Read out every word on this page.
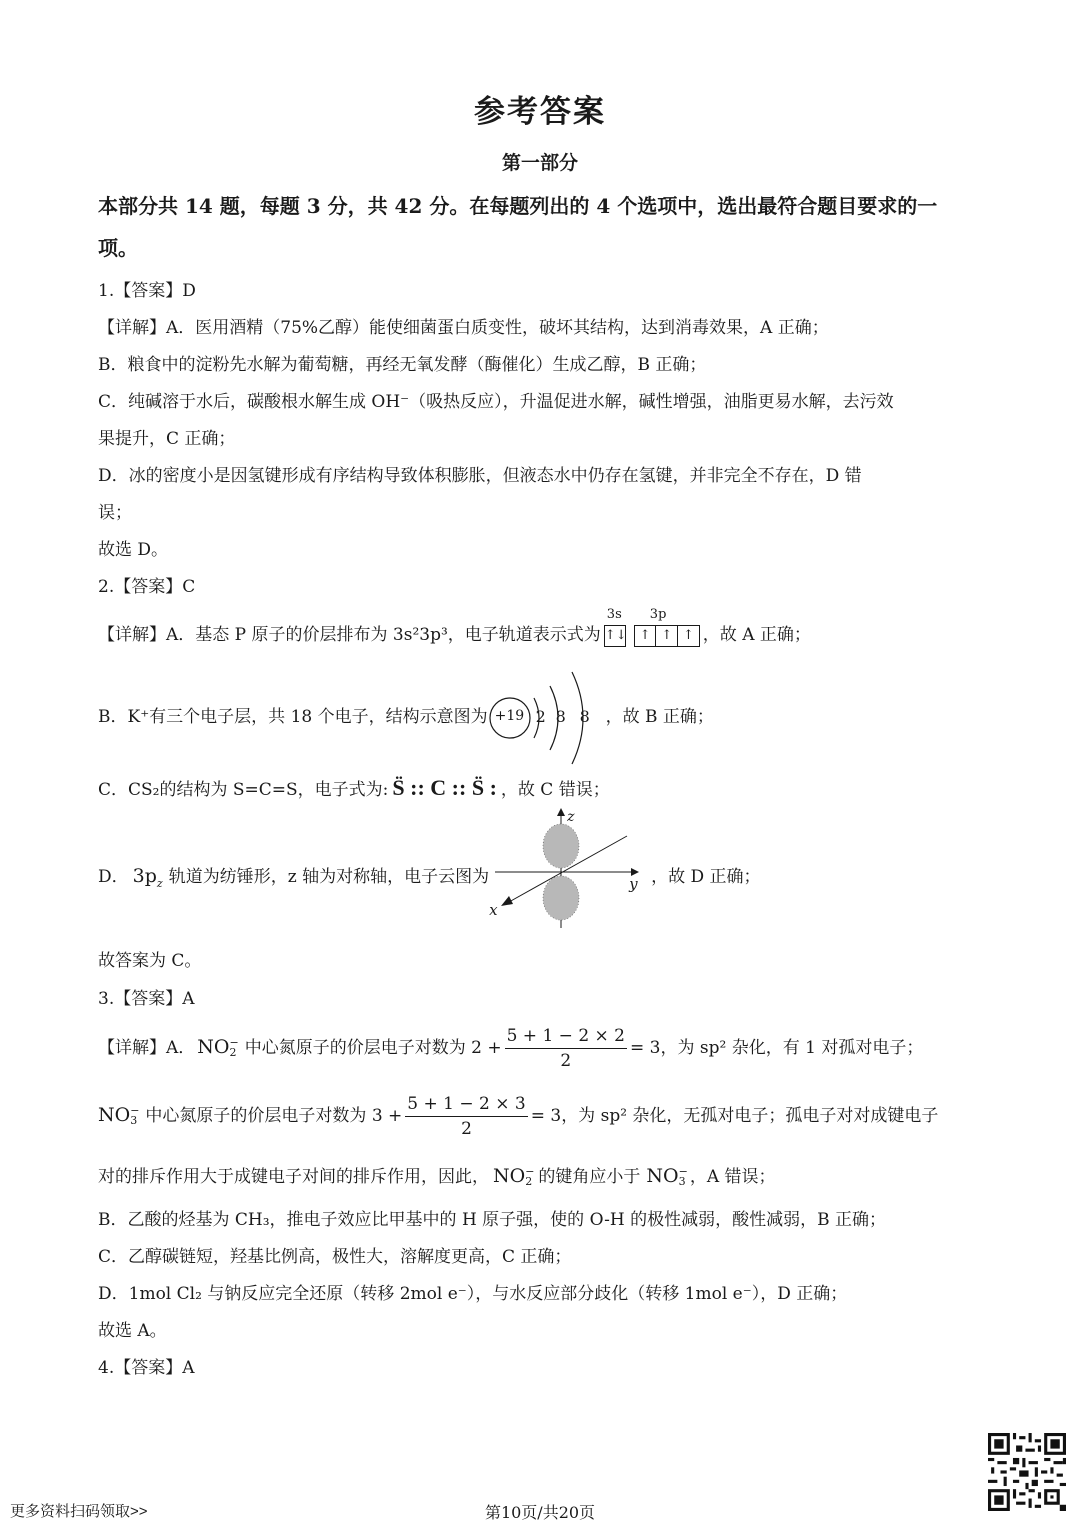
参考答案
第一部分
本部分共 14 题，每题 3 分，共 42 分。在每题列出的 4 个选项中，选出最符合题目要求的一
项。
1.【答案】D
【详解】A．医用酒精（75%乙醇）能使细菌蛋白质变性，破坏其结构，达到消毒效果，A 正确；
B．粮食中的淀粉先水解为葡萄糖，再经无氧发酵（酶催化）生成乙醇，B 正确；
C．纯碱溶于水后，碳酸根水解生成 OH⁻（吸热反应），升温促进水解，碱性增强，油脂更易水解，去污效
果提升，C 正确；
D．冰的密度小是因氢键形成有序结构导致体积膨胀，但液态水中仍存在氢键，并非完全不存在，D 错
误；
故选 D。
2.【答案】C
【详解】A．基态 P 原子的价层排布为 3s²3p³，电子轨道表示式为
3s 3p
↑↓	↑ ↑ ↑ ，故 A 正确；
B．K⁺有三个电子层，共 18 个电子，结构示意图为 +19 2 8 8 ，故 B 正确；
C．CS₂的结构为 S=C=S，电子式为: S̈ :: C :: S̈ : ，故 C 错误；
D． $3p_z$ 轨道为纺锤形，z 轴为对称轴，电子云图为
z
y
x
，故 D 正确；
故答案为 C。
3.【答案】A
【详解】A． NO−
2 中心氮原子的价层电子对数为 $2 + \frac{5 + 1 - 2 \times 2}{2} = 3$，为 sp² 杂化，有 1 对孤对电子；
NO−
3 中心氮原子的价层电子对数为 $3 + \frac{5 + 1 - 2 \times 3}{2} = 3$，为 sp² 杂化，无孤对电子；孤电子对对成键电子
对的排斥作用大于成键电子对间的排斥作用，因此， NO−
2 的键角应小于 NO−
3 ，A 错误；
B．乙酸的烃基为 CH₃，推电子效应比甲基中的 H 原子强，使的 O-H 的极性减弱，酸性减弱，B 正确；
C．乙醇碳链短，羟基比例高，极性大，溶解度更高，C 正确；
D．1mol Cl₂ 与钠反应完全还原（转移 2mol e⁻），与水反应部分歧化（转移 1mol e⁻），D 正确；
故选 A。
4.【答案】A
第10页/共20页
更多资料扫码领取>>
